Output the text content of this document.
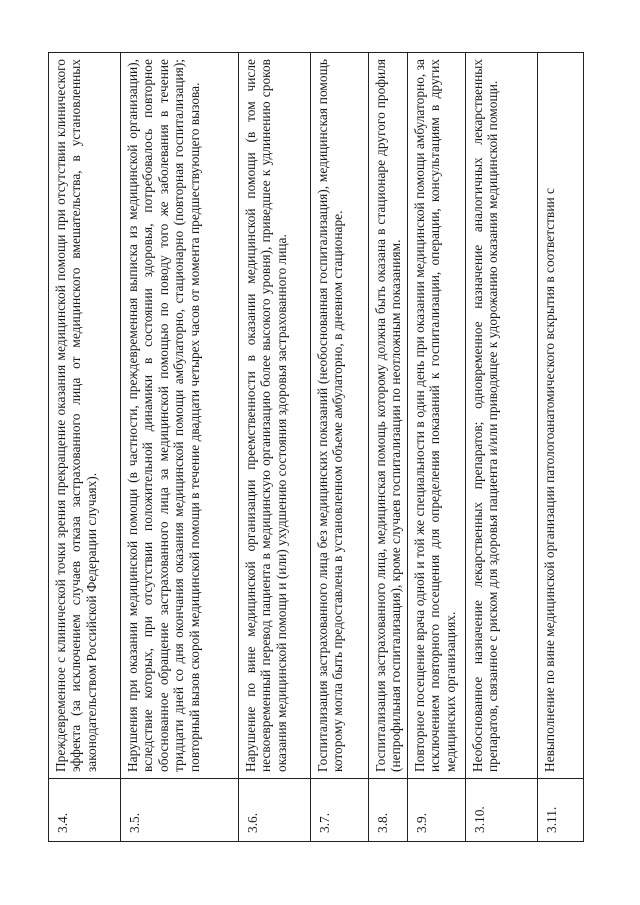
3.4.	Преждевременное с клинической точки зрения прекращение оказания медицинской помощи при отсутствии клинического эффекта (за исключением случаев отказа застрахованного лица от медицинского вмешательства, в установленных законодательством Российской Федерации случаях).
3.5.	Нарушения при оказании медицинской помощи (в частности, преждевременная выписка из медицинской организации), вследствие которых, при отсутствии положительной динамики в состоянии здоровья, потребовалось повторное обоснованное обращение застрахованного лица за медицинской помощью по поводу того же заболевания в течение тридцати дней со дня окончания оказания медицинской помощи амбулаторно, стационарно (повторная госпитализация); повторный вызов скорой медицинской помощи в течение двадцати четырех часов от момента предшествующего вызова.
3.6.	Нарушение по вине медицинской организации преемственности в оказании медицинской помощи (в том числе несвоевременный перевод пациента в медицинскую организацию более высокого уровня), приведшее к удлинению сроков оказания медицинской помощи и (или) ухудшению состояния здоровья застрахованного лица.
3.7.	Госпитализация застрахованного лица без медицинских показаний (необоснованная госпитализация), медицинская помощь которому могла быть предоставлена в установленном объеме амбулаторно, в дневном стационаре.
3.8.	Госпитализация застрахованного лица, медицинская помощь которому должна быть оказана в стационаре другого профиля (непрофильная госпитализация), кроме случаев госпитализации по неотложным показаниям.
3.9.	Повторное посещение врача одной и той же специальности в один день при оказании медицинской помощи амбулаторно, за исключением повторного посещения для определения показаний к госпитализации, операции, консультациям в других медицинских организациях.
3.10.	Необоснованное назначение лекарственных препаратов; одновременное назначение аналогичных лекарственных препаратов, связанное с риском для здоровья пациента и/или приводящее к удорожанию оказания медицинской помощи.
3.11.	Невыполнение по вине медицинской организации патологоанатомического вскрытия в соответствии с
